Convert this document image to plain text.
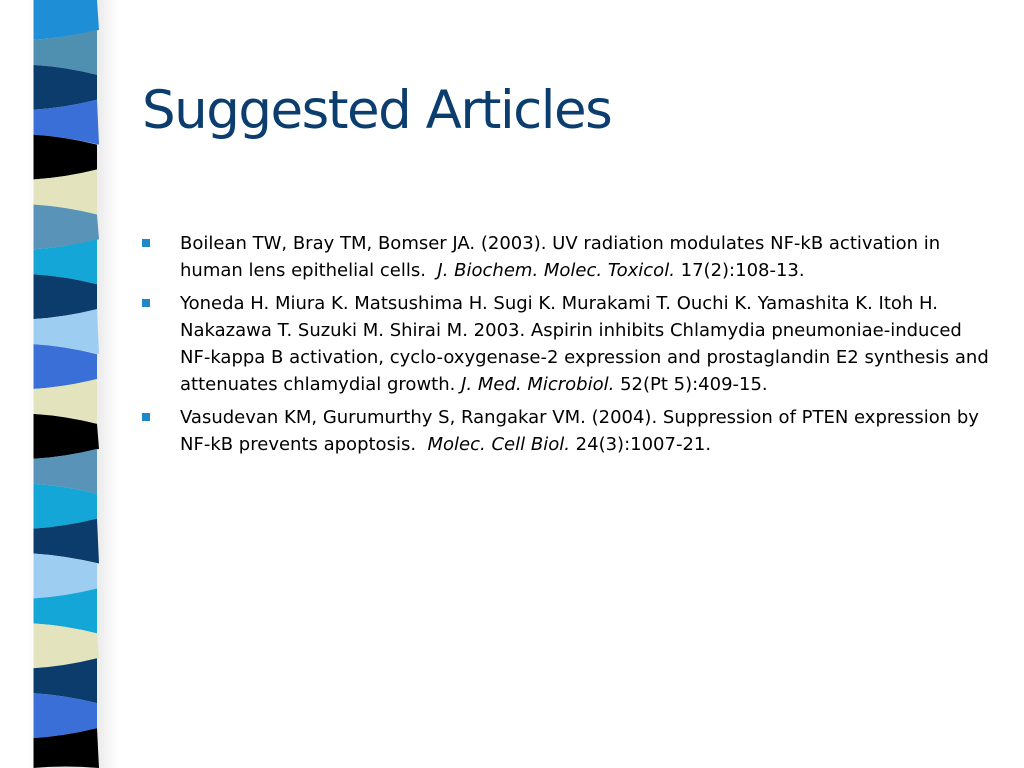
Suggested Articles
Boilean TW, Bray TM, Bomser JA. (2003). UV radiation modulates NF-kB activation in human lens epithelial cells. J. Biochem. Molec. Toxicol. 17(2):108-13.
Yoneda H. Miura K. Matsushima H. Sugi K. Murakami T. Ouchi K. Yamashita K. Itoh H. Nakazawa T. Suzuki M. Shirai M. 2003. Aspirin inhibits Chlamydia pneumoniae-induced NF-kappa B activation, cyclo-oxygenase-2 expression and prostaglandin E2 synthesis and attenuates chlamydial growth. J. Med. Microbiol. 52(Pt 5):409-15.
Vasudevan KM, Gurumurthy S, Rangakar VM. (2004). Suppression of PTEN expression by NF-kB prevents apoptosis. Molec. Cell Biol. 24(3):1007-21.
